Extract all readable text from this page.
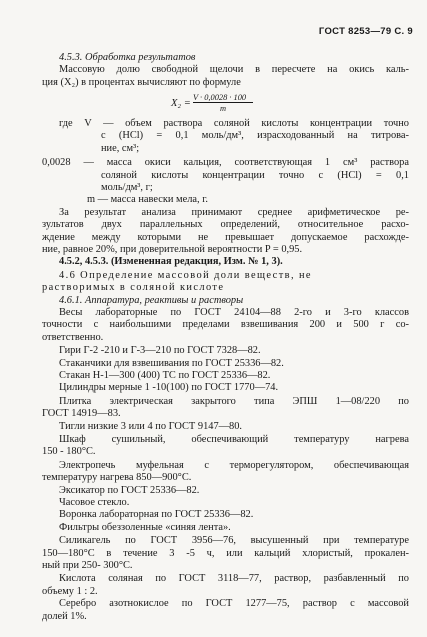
ГОСТ 8253—79 С. 9
4.5.3. Обработка результатов
Массовую долю свободной щелочи в пересчете на окись каль-
ция (X₂) в процентах вычисляют по формуле
X₂ =
V · 0,0028 · 100
m
где V — объем раствора соляной кислоты концентрации точно
c (HCl) = 0,1 моль/дм³, израсходованный на титрова-
ние, см³;
0,0028 — масса окиси кальция, соответствующая 1 см³ раствора
соляной кислоты концентрации точно c (HCl) = 0,1
моль/дм³, г;
m — масса навески мела, г.
За результат анализа принимают среднее арифметическое ре-
зультатов двух параллельных определений, относительное расхо-
ждение между которыми не превышает допускаемое расхожде-
ние, равное 20%, при доверительной вероятности P = 0,95.
4.5.2, 4.5.3. (Измененная редакция, Изм. № 1, 3).
4.6 Определение массовой доли веществ, не
растворимых в соляной кислоте
4.6.1. Аппаратура, реактивы и растворы
Весы лабораторные по ГОСТ 24104—88 2-го и 3-го классов
точности с наибольшими пределами взвешивания 200 и 500 г со-
ответственно.
Гири Г-2 -210 и Г-3—210 по ГОСТ 7328—82.
Стаканчики для взвешивания по ГОСТ 25336—82.
Стакан Н-1—300 (400) ТС по ГОСТ 25336—82.
Цилиндры мерные 1 -10(100) по ГОСТ 1770—74.
Плитка электрическая закрытого типа ЭПШ 1—08/220 по
ГОСТ 14919—83.
Тигли низкие 3 или 4 по ГОСТ 9147—80.
Шкаф сушильный, обеспечивающий температуру нагрева
150 - 180°С.
Электропечь муфельная с терморегулятором, обеспечивающая
температуру нагрева 850—900°С.
Эксикатор по ГОСТ 25336—82.
Часовое стекло.
Воронка лабораторная по ГОСТ 25336—82.
Фильтры обеззоленные «синяя лента».
Силикагель по ГОСТ 3956—76, высушенный при температуре
150—180°С в течение 3 -5 ч, или кальций хлористый, прокален-
ный при 250- 300°С.
Кислота соляная по ГОСТ 3118—77, раствор, разбавленный по
объему 1 : 2.
Серебро азотнокислое по ГОСТ 1277—75, раствор с массовой
долей 1%.
